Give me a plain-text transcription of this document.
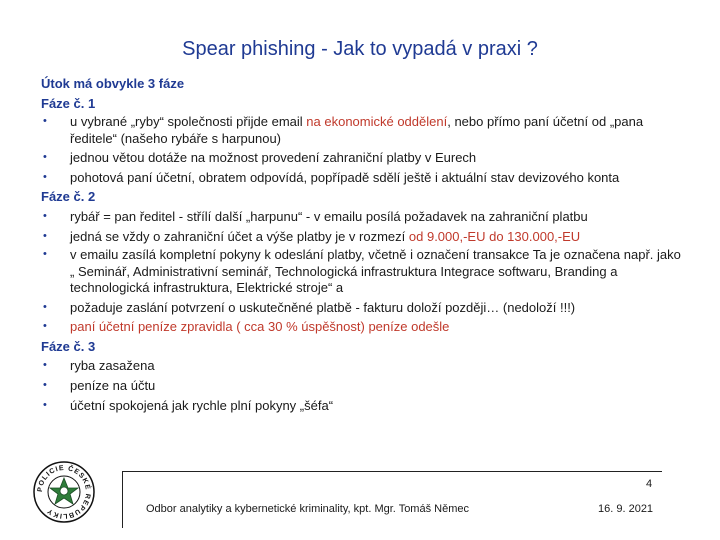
Spear phishing - Jak to vypadá v praxi ?
Útok má obvykle 3 fáze
Fáze č. 1
• u vybrané „ryby“ společnosti přijde email na ekonomické oddělení, nebo přímo paní účetní od „pana ředitele“ (našeho rybáře s harpunou)
• jednou větou dotáže na možnost provedení zahraniční platby v Eurech
• pohotová paní účetní, obratem odpovídá, popřípadě sdělí ještě i aktuální stav devizového konta
Fáze č. 2
• rybář = pan ředitel - střílí další „harpunu“ - v emailu posílá požadavek na zahraniční platbu
• jedná se vždy o zahraniční účet a výše platby je v rozmezí od 9.000,-EU do 130.000,-EU
• v emailu zasílá kompletní pokyny k odeslání platby, včetně i označení transakce Ta je označena např. jako „ Seminář, Administrativní seminář, Technologická infrastruktura Integrace softwaru, Branding a technologická infrastruktura, Elektrické stroje“ a
• požaduje zaslání potvrzení o uskutečněné platbě - fakturu doloží později… (nedoloží !!!)
• paní účetní peníze zpravidla ( cca 30 % úspěšnost) peníze odešle
Fáze č. 3
• ryba zasažena
• peníze na účtu
• účetní spokojená jak rychle plní pokyny „šéfa“
POLICIE ČESKÉ REPUBLIKY
4
Odbor analytiky a kybernetické kriminality, kpt. Mgr. Tomáš Němec	16. 9. 2021
